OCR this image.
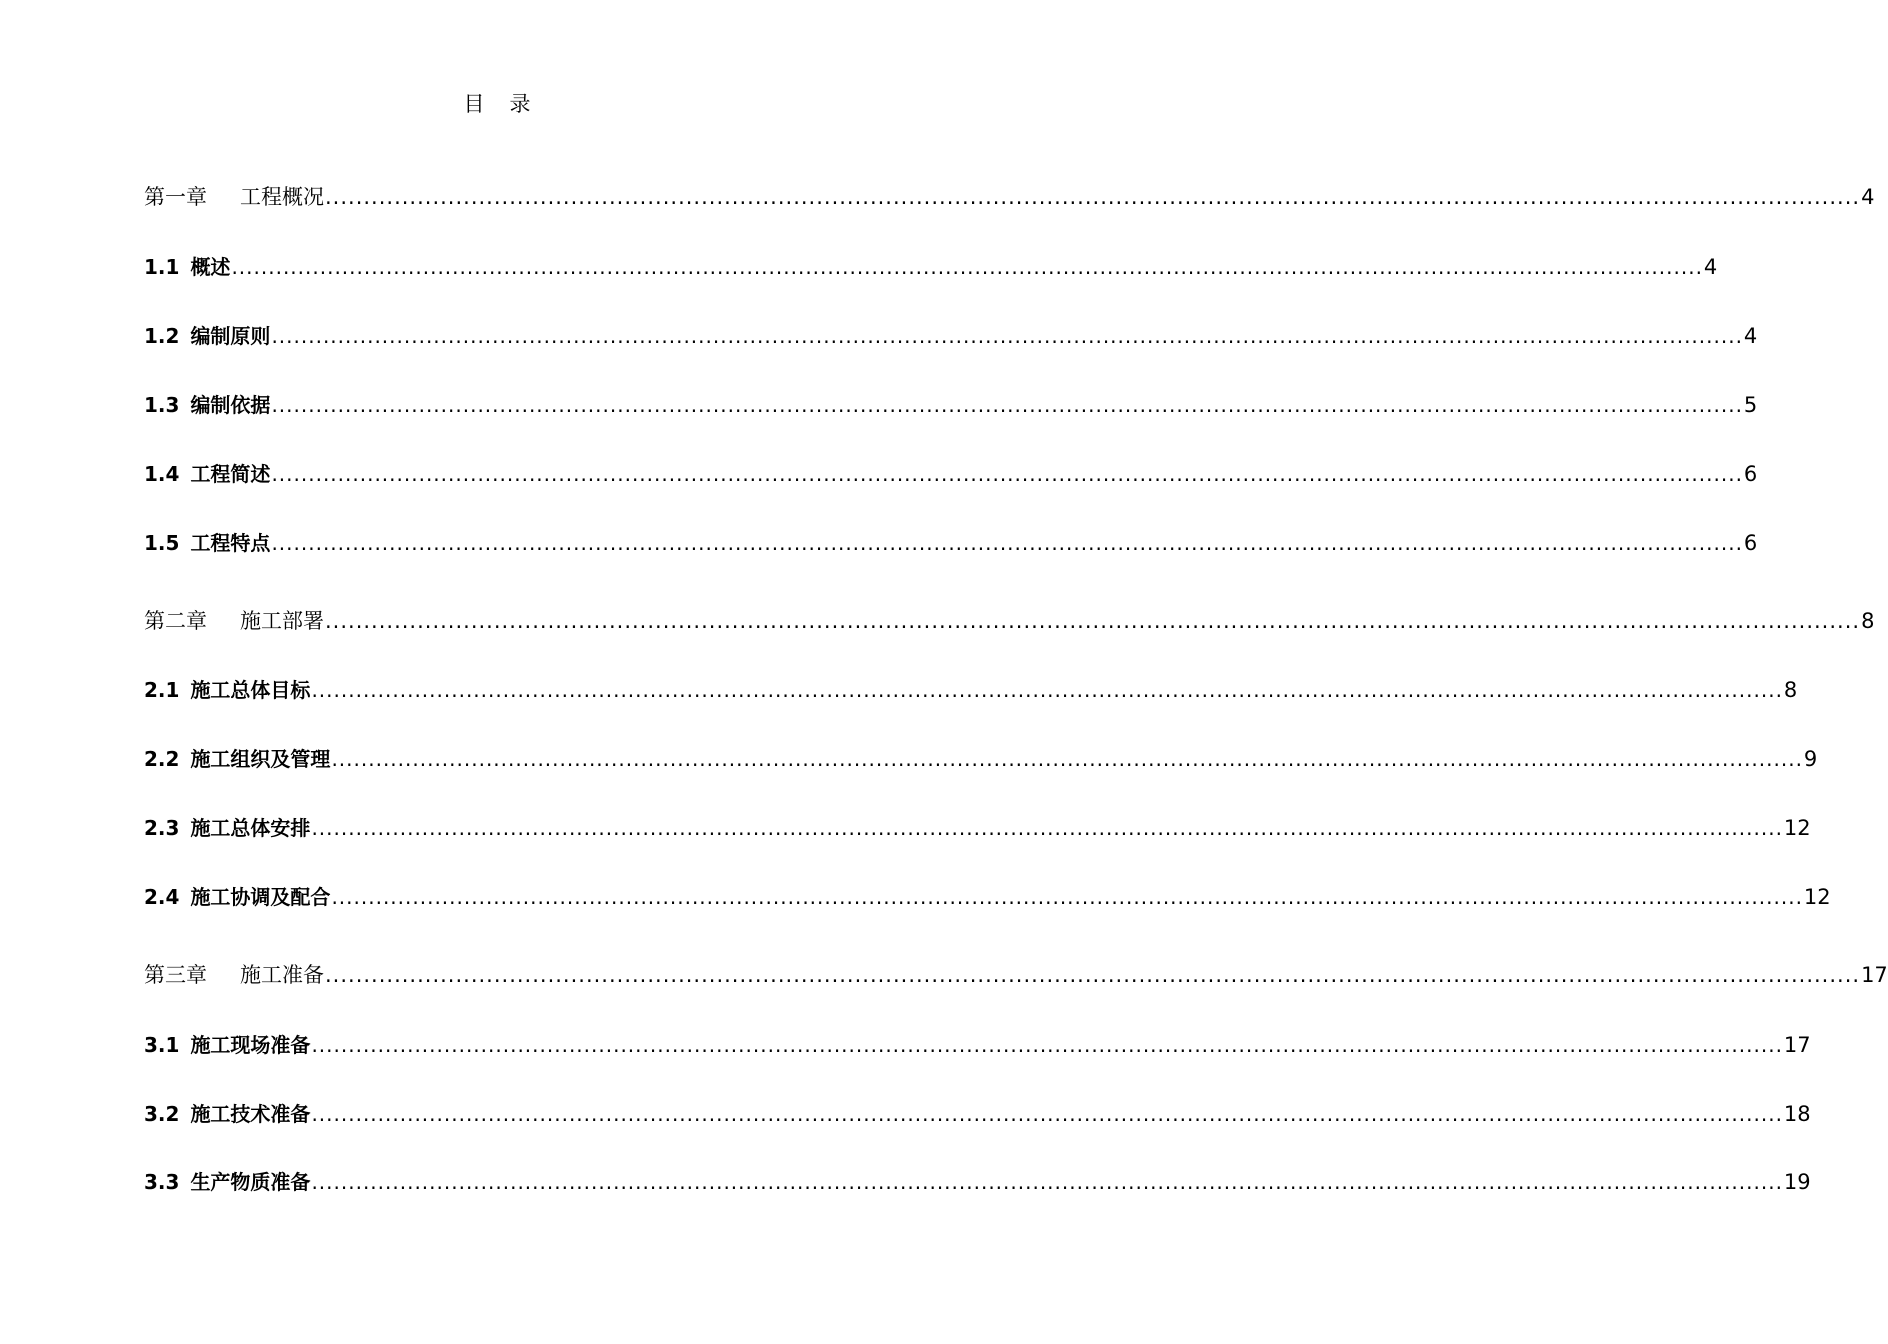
目　录
第一章 工程概况 ........................................................................................................................................................................................................ 4
1.1 概述 ........................................................................................................................................................................................................ 4
1.2 编制原则 ........................................................................................................................................................................................................ 4
1.3 编制依据 ........................................................................................................................................................................................................ 5
1.4 工程简述 ........................................................................................................................................................................................................ 6
1.5 工程特点 ........................................................................................................................................................................................................ 6
第二章 施工部署 ........................................................................................................................................................................................................ 8
2.1 施工总体目标 ........................................................................................................................................................................................................ 8
2.2 施工组织及管理 ........................................................................................................................................................................................................ 9
2.3 施工总体安排 ........................................................................................................................................................................................................ 12
2.4 施工协调及配合 ........................................................................................................................................................................................................ 12
第三章 施工准备 ........................................................................................................................................................................................................ 17
3.1 施工现场准备 ........................................................................................................................................................................................................ 17
3.2 施工技术准备 ........................................................................................................................................................................................................ 18
3.3 生产物质准备 ........................................................................................................................................................................................................ 19
